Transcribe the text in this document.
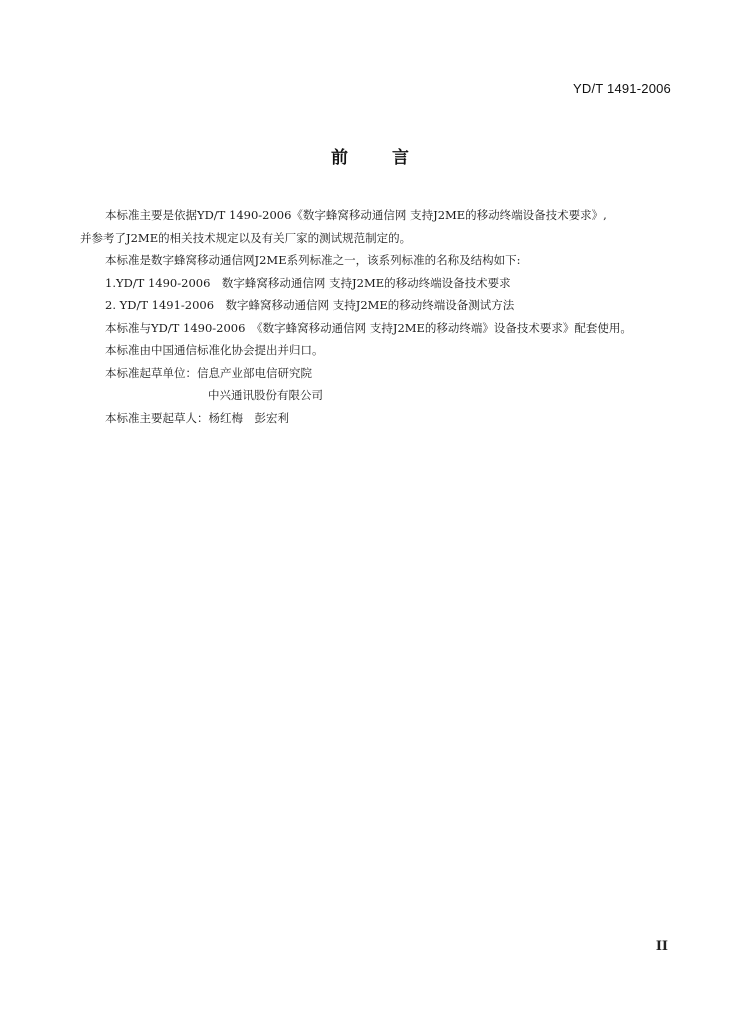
YD/T 1491-2006
前	言
本标准主要是依据YD/T 1490-2006《数字蜂窝移动通信网 支持J2ME的移动终端设备技术要求》,
并参考了J2ME的相关技术规定以及有关厂家的测试规范制定的。
本标准是数字蜂窝移动通信网J2ME系列标准之一，该系列标准的名称及结构如下:
1.YD/T 1490-2006　数字蜂窝移动通信网 支持J2ME的移动终端设备技术要求
2. YD/T 1491-2006　数字蜂窝移动通信网 支持J2ME的移动终端设备测试方法
本标准与YD/T 1490-2006　《数字蜂窝移动通信网 支持J2ME的移动终端》设备技术要求》配套使用。
本标准由中国通信标准化协会提出并归口。
本标准起草单位：信息产业部电信研究院
中兴通讯股份有限公司
本标准主要起草人：杨红梅　彭宏利
II
